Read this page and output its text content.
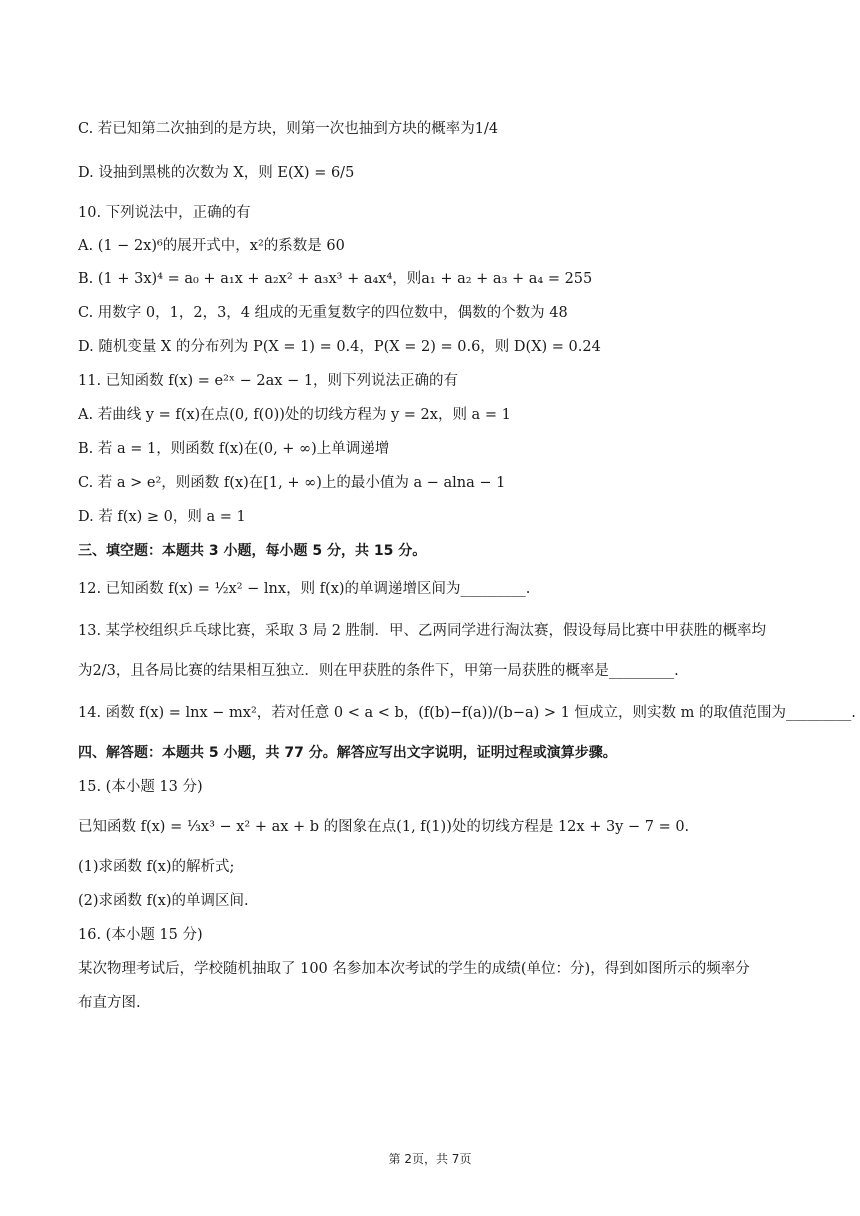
C. 若已知第二次抽到的是方块，则第一次也抽到方块的概率为1/4
D. 设抽到黑桃的次数为 X，则 E(X) = 6/5
10. 下列说法中，正确的有
A. (1 − 2x)⁶的展开式中，x²的系数是 60
B. (1 + 3x)⁴ = a₀ + a₁x + a₂x² + a₃x³ + a₄x⁴，则a₁ + a₂ + a₃ + a₄ = 255
C. 用数字 0，1，2，3，4 组成的无重复数字的四位数中，偶数的个数为 48
D. 随机变量 X 的分布列为 P(X = 1) = 0.4，P(X = 2) = 0.6，则 D(X) = 0.24
11. 已知函数 f(x) = e²ˣ − 2ax − 1，则下列说法正确的有
A. 若曲线 y = f(x)在点(0, f(0))处的切线方程为 y = 2x，则 a = 1
B. 若 a = 1，则函数 f(x)在(0, + ∞)上单调递增
C. 若 a > e²，则函数 f(x)在[1, + ∞)上的最小值为 a − alna − 1
D. 若 f(x) ≥ 0，则 a = 1
三、填空题：本题共 3 小题，每小题 5 分，共 15 分。
12. 已知函数 f(x) = ½x² − lnx，则 f(x)的单调递增区间为_________.
13. 某学校组织乒乓球比赛，采取 3 局 2 胜制．甲、乙两同学进行淘汰赛，假设每局比赛中甲获胜的概率均
为2/3，且各局比赛的结果相互独立．则在甲获胜的条件下，甲第一局获胜的概率是_________.
14. 函数 f(x) = lnx − mx²，若对任意 0 < a < b，(f(b)−f(a))/(b−a) > 1 恒成立，则实数 m 的取值范围为_________.
四、解答题：本题共 5 小题，共 77 分。解答应写出文字说明，证明过程或演算步骤。
15. (本小题 13 分)
已知函数 f(x) = ⅓x³ − x² + ax + b 的图象在点(1, f(1))处的切线方程是 12x + 3y − 7 = 0.
(1)求函数 f(x)的解析式;
(2)求函数 f(x)的单调区间.
16. (本小题 15 分)
某次物理考试后，学校随机抽取了 100 名参加本次考试的学生的成绩(单位：分)，得到如图所示的频率分
布直方图.
第 2页，共 7页
